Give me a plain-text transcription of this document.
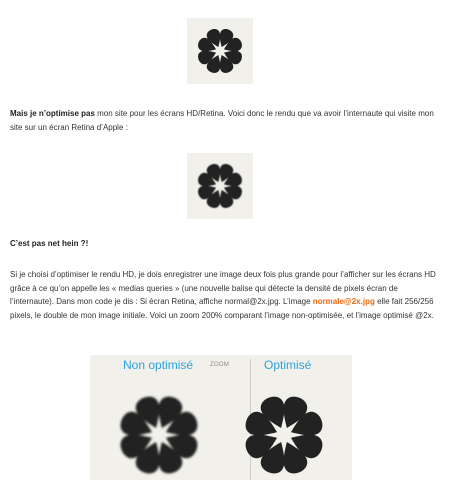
Mais je n’optimise pas mon site pour les écrans HD/Retina. Voici donc le rendu que va avoir l’internaute qui visite mon site sur un écran Retina d’Apple :

C’est pas net hein ?!

Si je choisi d’optimiser le rendu HD, je dois enregistrer une image deux fois plus grande pour l’afficher sur les écrans HD grâce à ce qu’on appelle les « medias queries » (une nouvelle balise qui détecte la densité de pixels écran de l’internaute). Dans mon code je dis : Si écran Retina, affiche normal@2x.jpg. L’image normale@2x.jpg elle fait 256/256 pixels, le double de mon image initiale. Voici un zoom 200% comparant l’image non-optimisée, et l’image optimisé @2x.

Non optimisé	ZOOM	Optimisé
